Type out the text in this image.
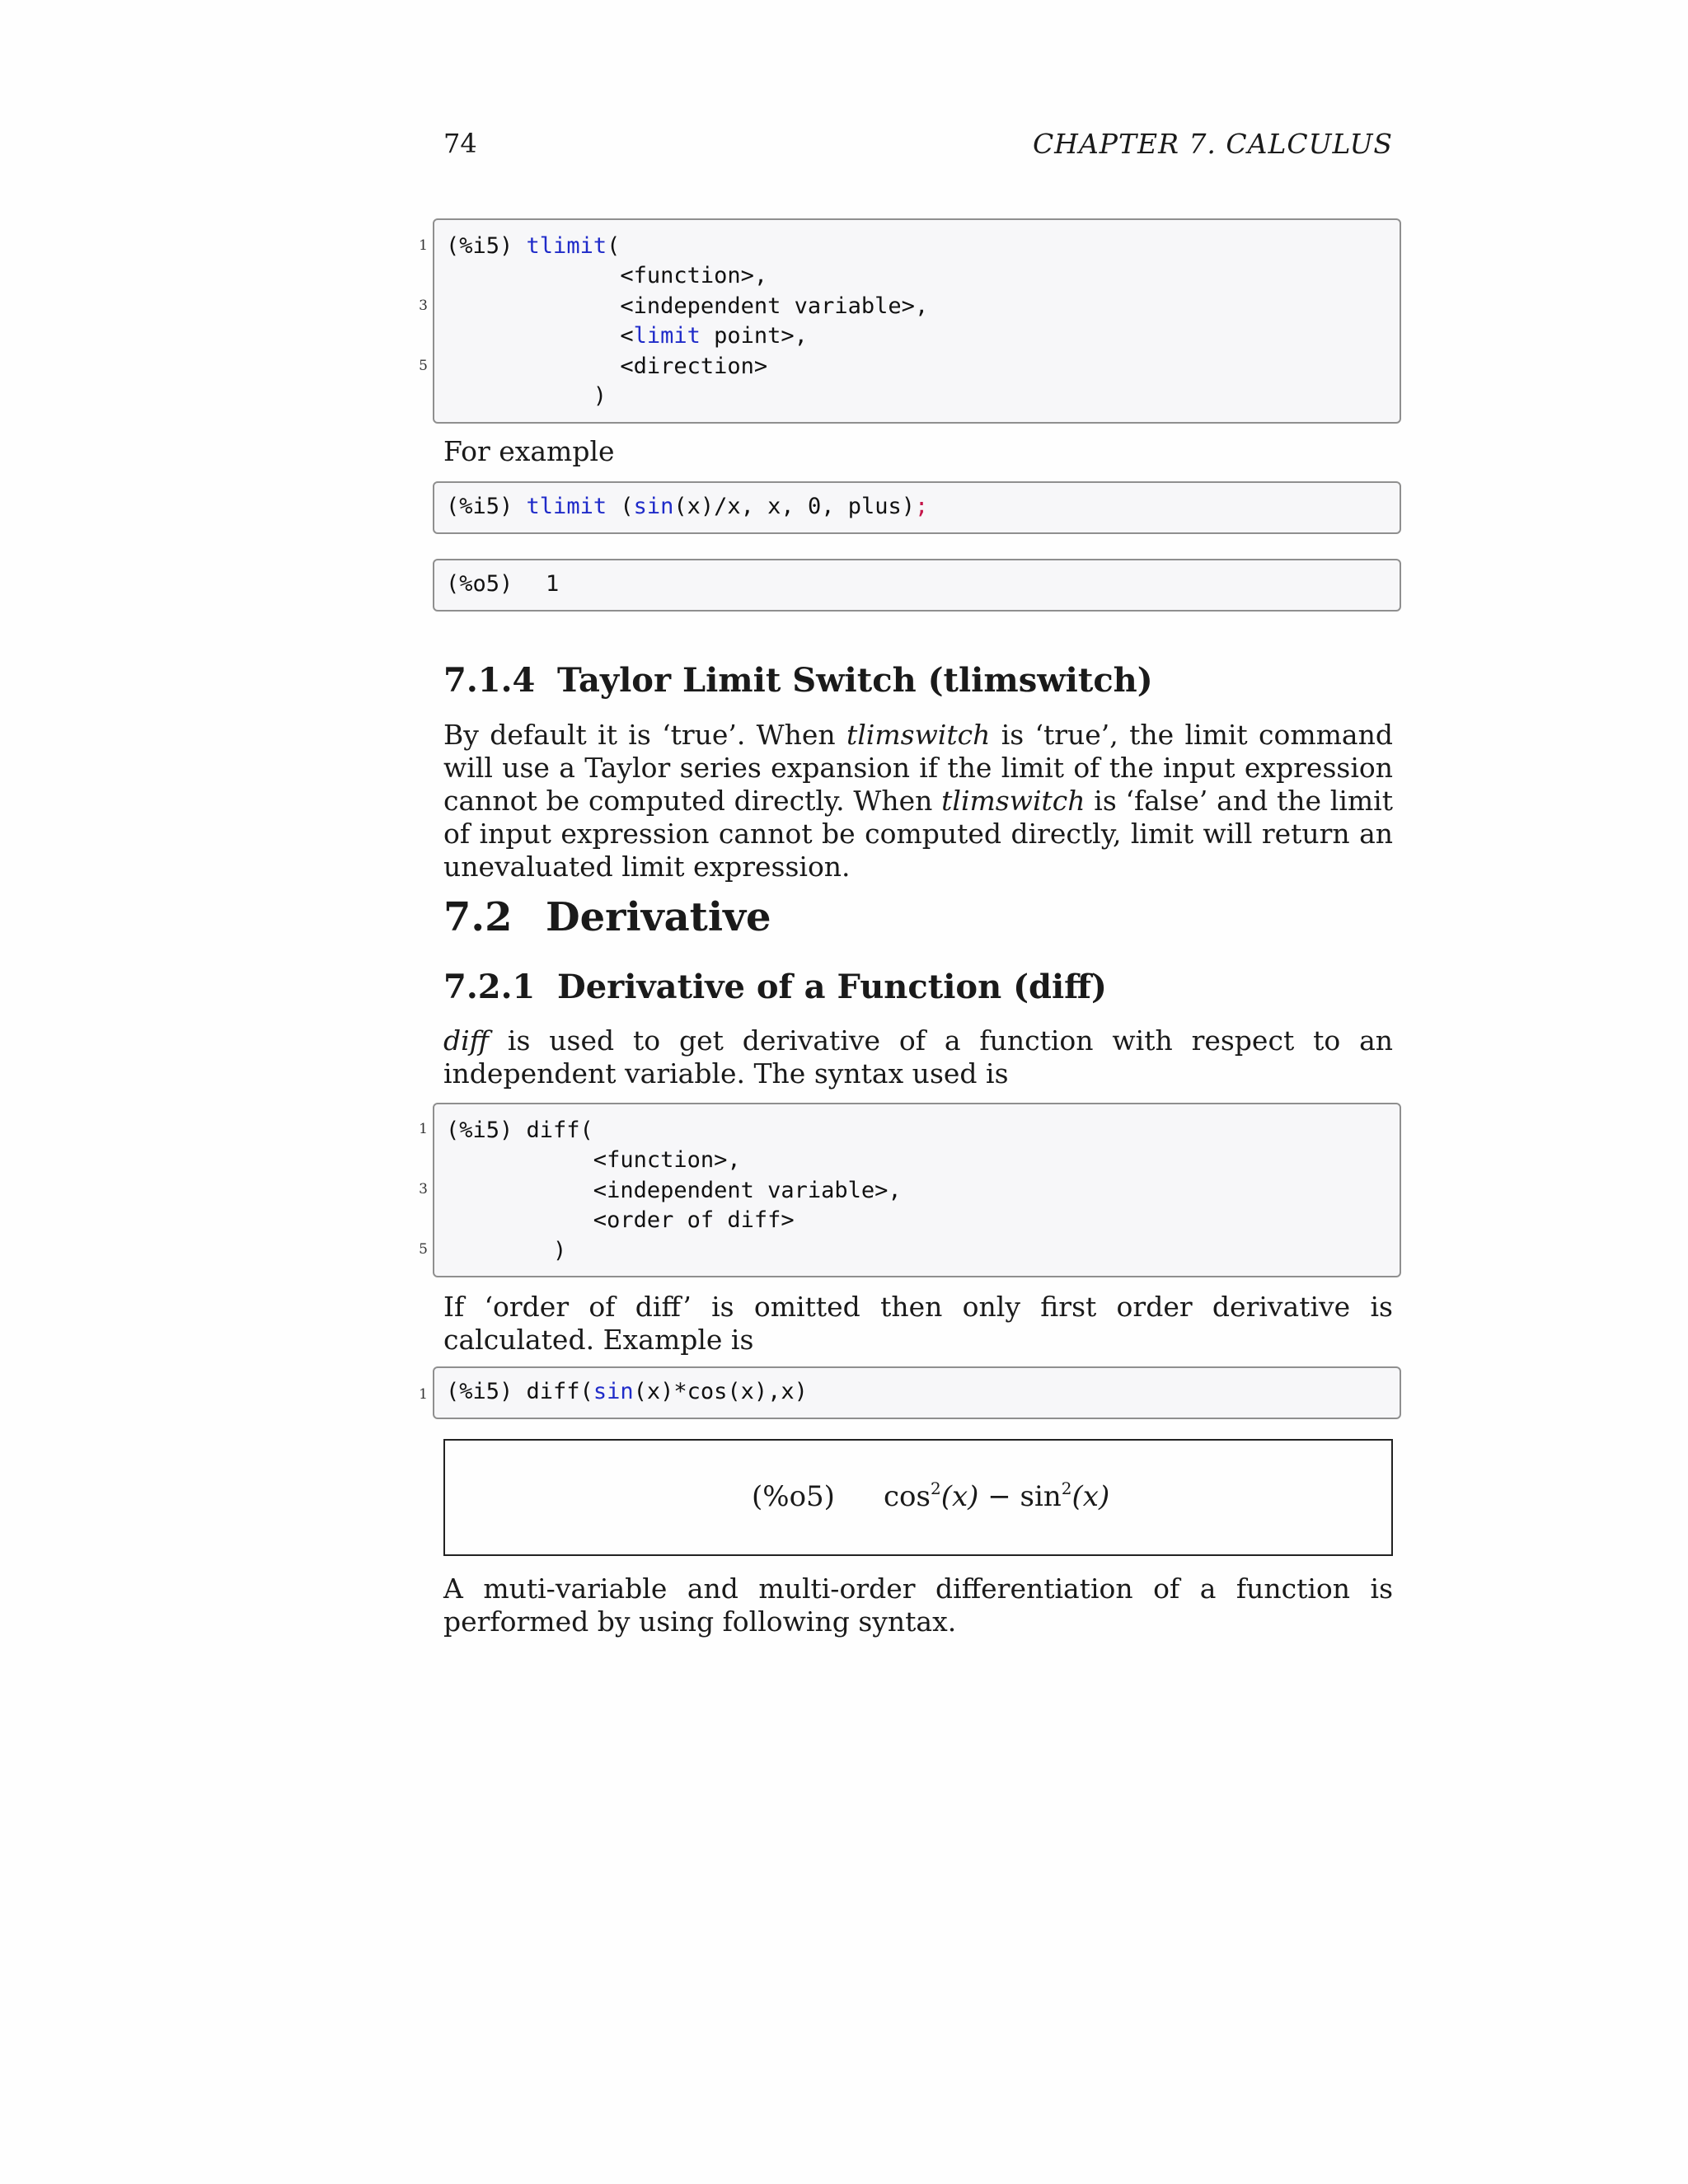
74	CHAPTER 7. CALCULUS
1
3
5
(%i5) tlimit(
<function>,
<independent variable>,
<limit point>,
<direction>
)

For example

(%i5) tlimit (sin(x)/x, x, 0, plus);
(%o5) 1
7.1.4 Taylor Limit Switch (tlimswitch)

By default it is ‘true’. When tlimswitch is ‘true’, the limit command will use a Taylor series expansion if the limit of the input expression cannot be computed directly. When tlimswitch is ‘false’ and the limit of input expression cannot be computed directly, limit will return an unevaluated limit expression.

7.2 Derivative
7.2.1 Derivative of a Function (diff)

diff is used to get derivative of a function with respect to an independent variable. The syntax used is

1
3
5
(%i5) diff(
<function>,
<independent variable>,
<order of diff>
)

If ‘order of diff’ is omitted then only first order derivative is calculated. Example is

1 (%i5) diff(sin(x)*cos(x),x)
(%o5) $\cos^2(x) - \sin^2(x)$

A muti-variable and multi-order differentiation of a function is performed by using following syntax.
